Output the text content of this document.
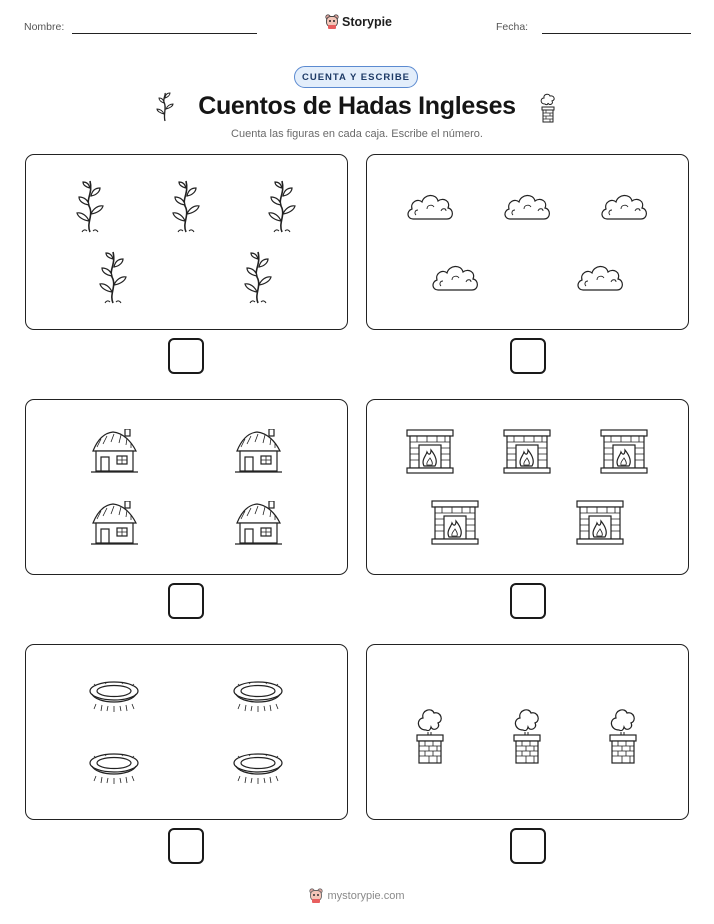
Nombre:	Storypie	Fecha:
CUENTA Y ESCRIBE
Cuentos de Hadas Ingleses
Cuenta las figuras en cada caja. Escribe el número.
mystorypie.com
